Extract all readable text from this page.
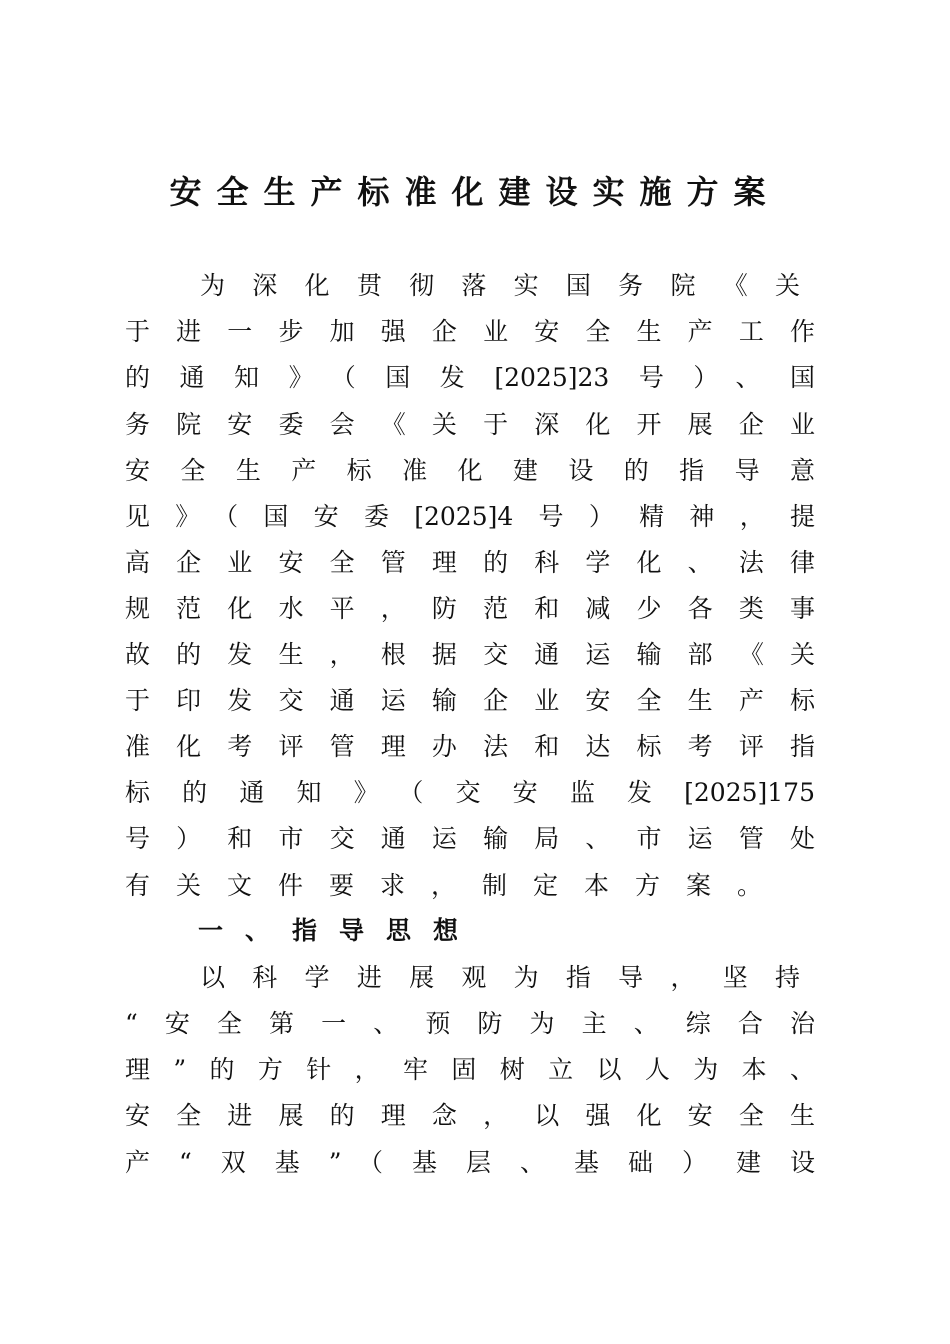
安全生产标准化建设实施方案
为深化贯彻落实国务院《关
于进一步加强企业安全生产工作
的通知》（国发[2025]23号）、国
务院安委会《关于深化开展企业
安全生产标准化建设的指导意
见》（国安委[2025]4号）精神，提
高企业安全管理的科学化、法律
规范化水平，防范和减少各类事
故的发生，根据交通运输部《关
于印发交通运输企业安全生产标
准化考评管理办法和达标考评指
标的通知》（交安监发[2025]175
号）和市交通运输局、市运管处
有关文件要求，制定本方案。
一、指导思想
以科学进展观为指导，坚持
“安全第一、预防为主、综合治
理”的方针，牢固树立以人为本、
安全进展的理念，以强化安全生
产“双基”（基层、基础）建设
